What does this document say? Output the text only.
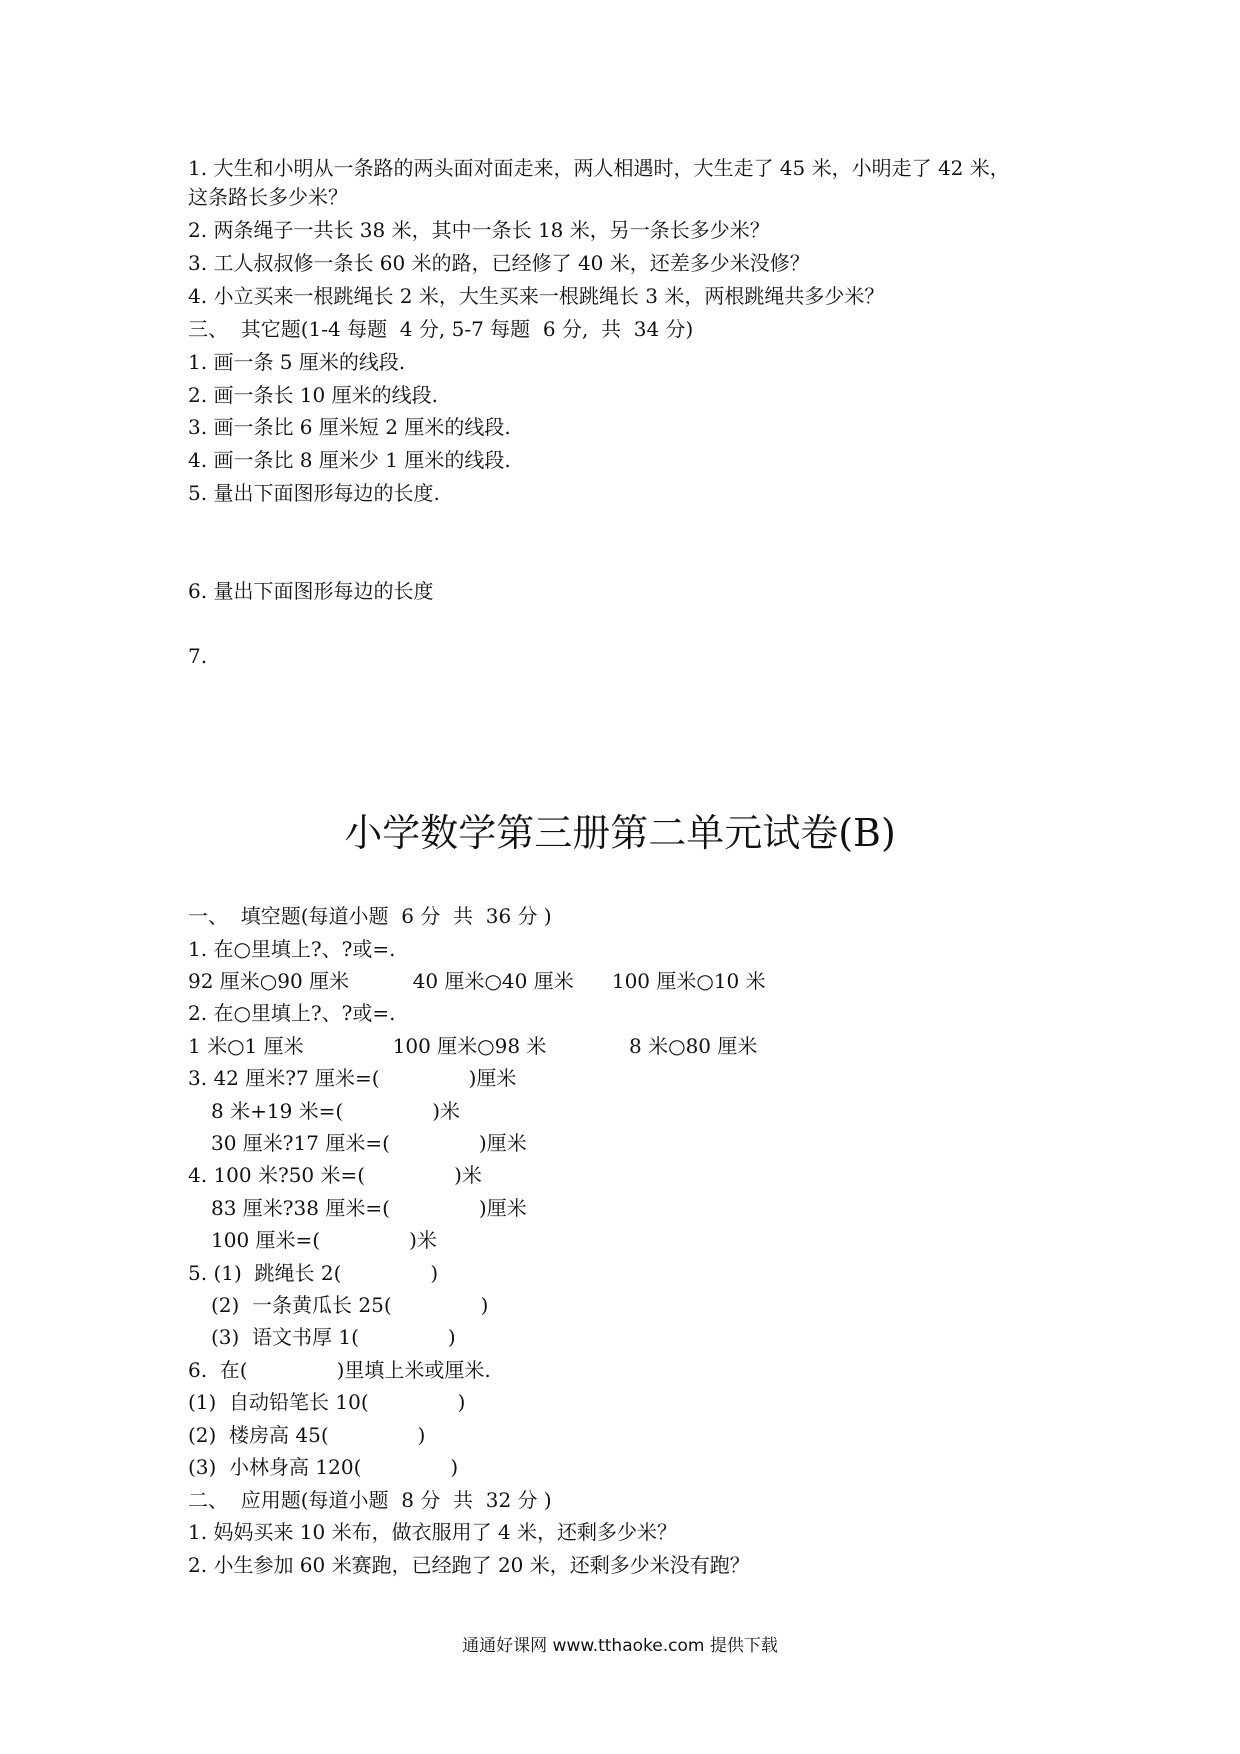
1. 大生和小明从一条路的两头面对面走来，两人相遇时，大生走了 45 米，小明走了 42 米，

这条路长多少米？

2. 两条绳子一共长 38 米，其中一条长 18 米，另一条长多少米？

3. 工人叔叔修一条长 60 米的路，已经修了 40 米，还差多少米没修？

4. 小立买来一根跳绳长 2 米，大生买来一根跳绳长 3 米，两根跳绳共多少米？

三、  其它题(1-4 每题  4 分, 5-7 每题  6 分,  共  34 分)

1. 画一条 5 厘米的线段.

2. 画一条长 10 厘米的线段.

3. 画一条比 6 厘米短 2 厘米的线段.

4. 画一条比 8 厘米少 1 厘米的线段.

5. 量出下面图形每边的长度.

6. 量出下面图形每边的长度

7.

小学数学第三册第二单元试卷(B)

一、  填空题(每道小题  6 分  共  36 分 )

1. 在○里填上?、?或=.

92 厘米○90 厘米          40 厘米○40 厘米      100 厘米○10 米

2. 在○里填上?、?或=.

1 米○1 厘米              100 厘米○98 米             8 米○80 厘米

3. 42 厘米?7 厘米=(              )厘米

8 米+19 米=(              )米

30 厘米?17 厘米=(              )厘米

4. 100 米?50 米=(              )米

83 厘米?38 厘米=(              )厘米

100 厘米=(              )米

5. (1)  跳绳长 2(              )

(2)  一条黄瓜长 25(              )

(3)  语文书厚 1(              )

6.  在(              )里填上米或厘米.

(1)  自动铅笔长 10(              )

(2)  楼房高 45(              )

(3)  小林身高 120(              )

二、  应用题(每道小题  8 分  共  32 分 )

1. 妈妈买来 10 米布，做衣服用了 4 米，还剩多少米？

2. 小生参加 60 米赛跑，已经跑了 20 米，还剩多少米没有跑？

通通好课网 www.tthaoke.com 提供下载
